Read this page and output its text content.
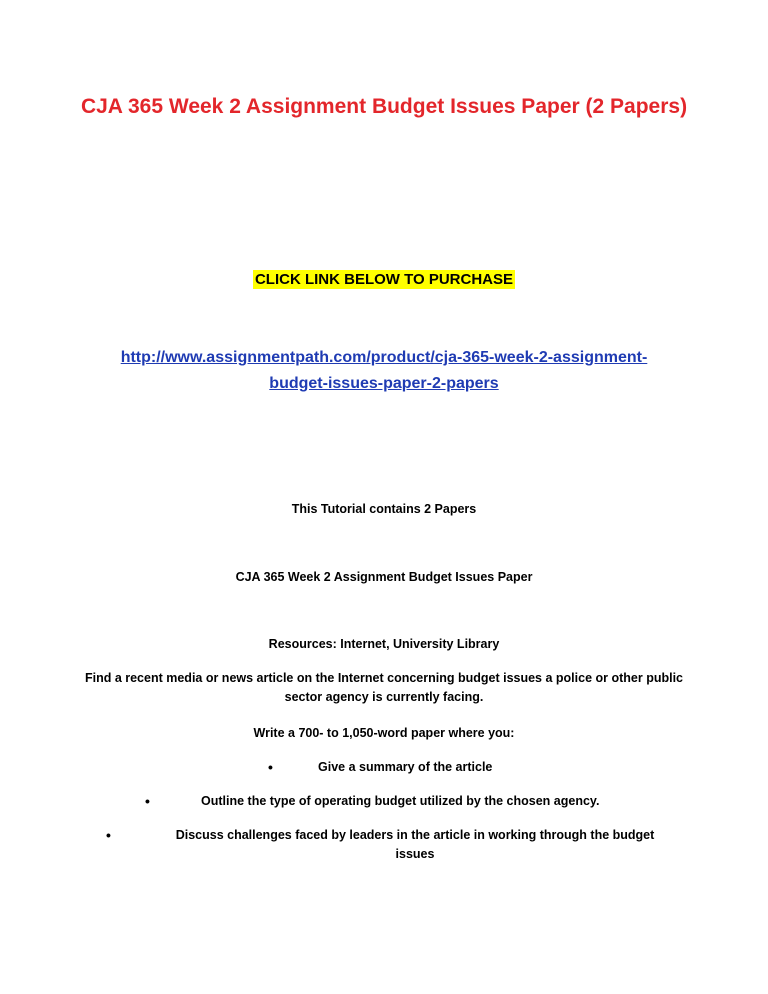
CJA 365 Week 2 Assignment Budget Issues Paper (2 Papers)
CLICK LINK BELOW TO PURCHASE
http://www.assignmentpath.com/product/cja-365-week-2-assignment-budget-issues-paper-2-papers
This Tutorial contains 2 Papers
CJA 365 Week 2 Assignment Budget Issues Paper
Resources: Internet, University Library
Find a recent media or news article on the Internet concerning budget issues a police or other public sector agency is currently facing.
Write a 700- to 1,050-word paper where you:
•	Give a summary of the article
•	Outline the type of operating budget utilized by the chosen agency.
•	Discuss challenges faced by leaders in the article in working through the budget issues
